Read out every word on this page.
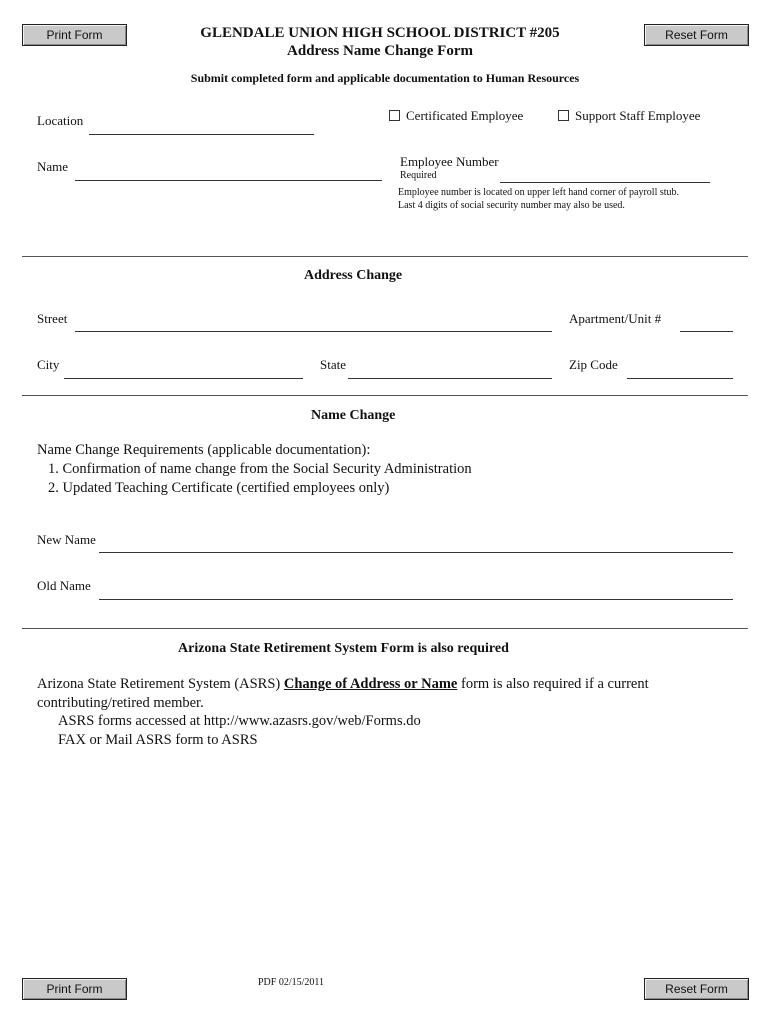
Print Form	Reset Form
GLENDALE UNION HIGH SCHOOL DISTRICT #205
Address Name Change Form
Submit completed form and applicable documentation to Human Resources
Location	Certificated Employee	Support Staff Employee
Name	Employee Number
Required
Employee number is located on upper left hand corner of payroll stub.
Last 4 digits of social security number may also be used.
Address Change
Street	Apartment/Unit #
City	State	Zip Code
Name Change
Name Change Requirements (applicable documentation):
1. Confirmation of name change from the Social Security Administration
2. Updated Teaching Certificate (certified employees only)
New Name
Old Name
Arizona State Retirement System Form is also required
Arizona State Retirement System (ASRS) Change of Address or Name form is also required if a current
contributing/retired member.
ASRS forms accessed at http://www.azasrs.gov/web/Forms.do
FAX or Mail ASRS form to ASRS
Print Form	PDF 02/15/2011	Reset Form
